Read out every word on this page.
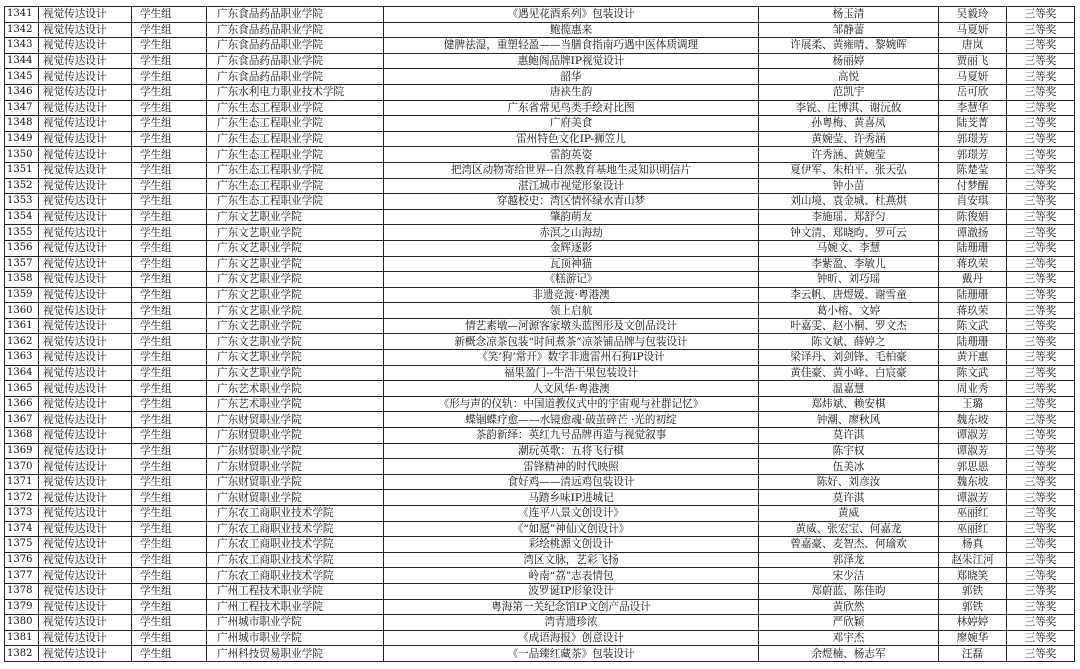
1341	视觉传达设计	学生组	广东食品药品职业学院	《遇见花酒系列》包装设计	杨玉清	吴毅玲	三等奖
1342	视觉传达设计	学生组	广东食品药品职业学院	鲍揽惠来	邹静蕾	马夏妍	三等奖
1343	视觉传达设计	学生组	广东食品药品职业学院	健脾祛湿，重塑轻盈——当膳食指南巧遇中医体质调理	许展柔、黄雍晴、黎婉晖	唐岚	三等奖
1344	视觉传达设计	学生组	广东食品药品职业学院	惠鲍阁品牌IP视觉设计	杨丽婷	贾丽飞	三等奖
1345	视觉传达设计	学生组	广东食品药品职业学院	韶华	高悦	马夏妍	三等奖
1346	视觉传达设计	学生组	广东水利电力职业技术学院	唐袂生韵	范凯宇	岳可欣	三等奖
1347	视觉传达设计	学生组	广东生态工程职业学院	广东省常见鸟类手绘对比图	李锐、庄博淇、谢沅攸	李慧华	三等奖
1348	视觉传达设计	学生组	广东生态工程职业学院	广府美食	孙粤梅、黄喜凤	陆芠菁	三等奖
1349	视觉传达设计	学生组	广东生态工程职业学院	雷州特色文化IP-狮笠儿	黄婉莹、许秀涵	郭璟芳	三等奖
1350	视觉传达设计	学生组	广东生态工程职业学院	雷韵英姿	许秀涵、黄婉莹	郭璟芳	三等奖
1351	视觉传达设计	学生组	广东生态工程职业学院	把湾区动物寄给世界--自然教育基地生灵知识明信片	夏伊军、朱柏平、张天弘	陈楚莹	三等奖
1352	视觉传达设计	学生组	广东生态工程职业学院	湛江城市视觉形象设计	钟小苗	付梦醒	三等奖
1353	视觉传达设计	学生组	广东生态工程职业学院	穿越校史：湾区情怀绿水青山梦	刘山境、袁金城、杜燕烘	肖安琪	三等奖
1354	视觉传达设计	学生组	广东文艺职业学院	肇韵萌友	李施瑶、郑舒匀	陈俊娟	三等奖
1355	视觉传达设计	学生组	广东文艺职业学院	赤溟之山海劫	钟文清、郑晓昀、罗可云	谭澈扬	三等奖
1356	视觉传达设计	学生组	广东文艺职业学院	金辉逐影	马婉文、李慧	陆珊珊	三等奖
1357	视觉传达设计	学生组	广东文艺职业学院	瓦顶神猫	李紫盈、李敏儿	蒋玖荣	三等奖
1358	视觉传达设计	学生组	广东文艺职业学院	《糕游记》	钟昕、刘巧瑶	戴丹	三等奖
1359	视觉传达设计	学生组	广东文艺职业学院	非遗竞渡·粤港澳	李云帆、唐煜媛、谢雪童	陆珊珊	三等奖
1360	视觉传达设计	学生组	广东文艺职业学院	领上启航	葛小榕、文婷	蒋玖荣	三等奖
1361	视觉传达设计	学生组	广东文艺职业学院	情艺素墩—河源客家墩头蓝图形及文创品设计	叶嘉雯、赵小桐、罗文杰	陈文武	三等奖
1362	视觉传达设计	学生组	广东文艺职业学院	新概念凉茶包装“时间煮茶”凉茶铺品牌与包装设计	陈文斌、薛婷之	陆珊珊	三等奖
1363	视觉传达设计	学生组	广东文艺职业学院	《笑’狗’常开》数字非遗雷州石狗IP设计	梁译丹、刘剑锋、毛柏豪	黄开惠	三等奖
1364	视觉传达设计	学生组	广东文艺职业学院	福果盈门--牛浩干果包装设计	黄佳豪、黄小峰、白宸豪	陈文武	三等奖
1365	视觉传达设计	学生组	广东艺术职业学院	人文风华·粤港澳	温嘉慧	周业秀	三等奖
1366	视觉传达设计	学生组	广东艺术职业学院	《形与声的仪轨：中国道教仪式中的宇宙观与社群记忆》	郑炜斌、赖安棋	王璐	三等奖
1367	视觉传达设计	学生组	广东财贸职业学院	蝶锢蝶疗愈——水镜愈魂·破茧碎芒 ·光的初绽	钟潮、廖秋风	魏东坡	三等奖
1368	视觉传达设计	学生组	广东财贸职业学院	茶韵新绎：英红九号品牌再造与视觉叙事	莫许淇	谭淑芳	三等奖
1369	视觉传达设计	学生组	广东财贸职业学院	潮玩英歌：五将飞行棋	陈宇权	谭淑芳	三等奖
1370	视觉传达设计	学生组	广东财贸职业学院	雷锋精神的时代映照	伍美冰	郭思恩	三等奖
1371	视觉传达设计	学生组	广东财贸职业学院	食好鸡——清远鸡包装设计	陈好、刘彦汝	魏东坡	三等奖
1372	视觉传达设计	学生组	广东财贸职业学院	马踏乡味IP进城记	莫许淇	谭淑芳	三等奖
1373	视觉传达设计	学生组	广东农工商职业技术学院	《连平八景文创设计》	黄威	巫丽红	三等奖
1374	视觉传达设计	学生组	广东农工商职业技术学院	《“如愿”神仙文创设计》	黄威、张宏宝、何嘉龙	巫丽红	三等奖
1375	视觉传达设计	学生组	广东农工商职业技术学院	彩绘桃源文创设计	曾嘉豪、麦智杰、何瑜欢	杨真	三等奖
1376	视觉传达设计	学生组	广东农工商职业技术学院	湾区文脉，艺彩飞扬	郭泽龙	赵朱江河	三等奖
1377	视觉传达设计	学生组	广东农工商职业技术学院	岭南“荔”志表情包	宋少洁	郑晓笑	三等奖
1378	视觉传达设计	学生组	广州工程技术职业学院	波罗诞IP形象设计	郑蔚蓝、陈佳昀	郭铁	三等奖
1379	视觉传达设计	学生组	广州工程技术职业学院	粤海第一关纪念馆IP文创产品设计	黄欣然	郭铁	三等奖
1380	视觉传达设计	学生组	广州城市职业学院	湾青遗珍浓	严欣颖	林婷婷	三等奖
1381	视觉传达设计	学生组	广州城市职业学院	《成语海报》创意设计	邓宇杰	廖婉华	三等奖
1382	视觉传达设计	学生组	广州科技贸易职业学院	《一品臻红藏茶》包装设计	余煜楠、杨志军	汪磊	三等奖
